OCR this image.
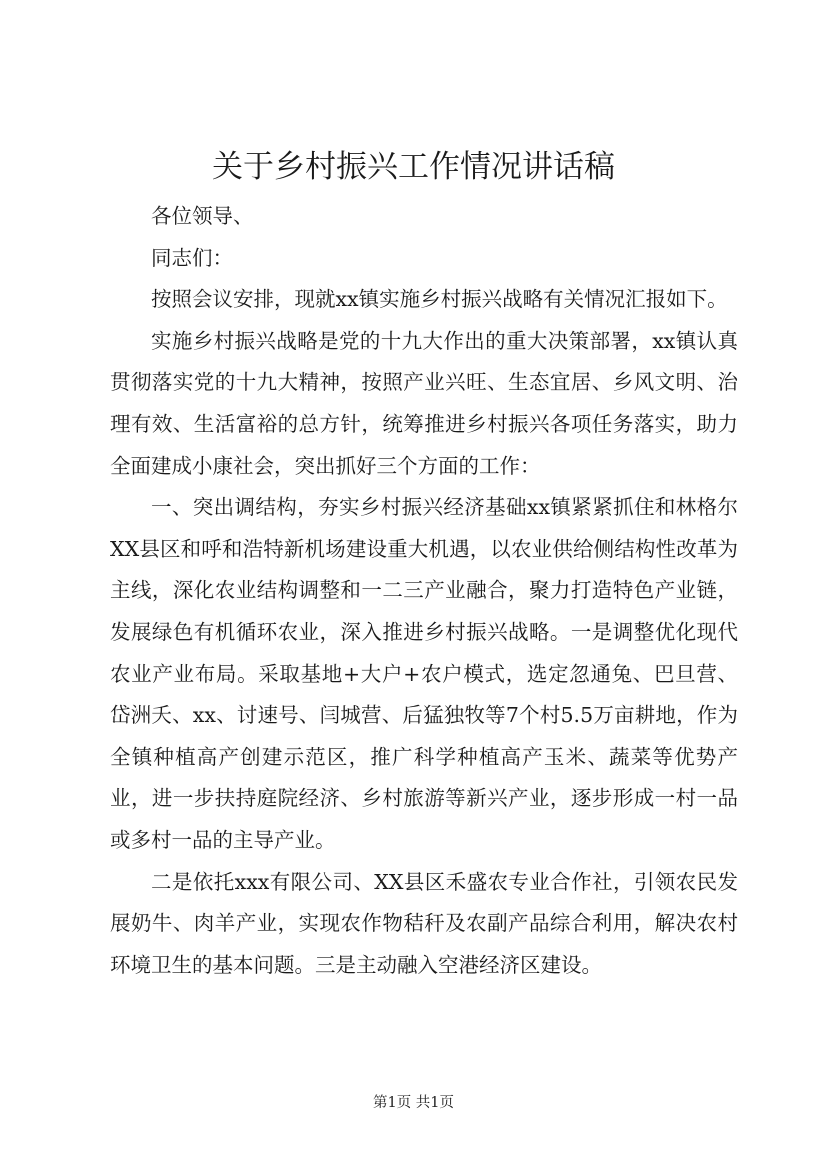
关于乡村振兴工作情况讲话稿

各位领导、

同志们：

按照会议安排，现就xx镇实施乡村振兴战略有关情况汇报如下。

实施乡村振兴战略是党的十九大作出的重大决策部署，xx镇认真贯彻落实党的十九大精神，按照产业兴旺、生态宜居、乡风文明、治理有效、生活富裕的总方针，统筹推进乡村振兴各项任务落实，助力全面建成小康社会，突出抓好三个方面的工作：

一、突出调结构，夯实乡村振兴经济基础xx镇紧紧抓住和林格尔XX县区和呼和浩特新机场建设重大机遇，以农业供给侧结构性改革为主线，深化农业结构调整和一二三产业融合，聚力打造特色产业链，发展绿色有机循环农业，深入推进乡村振兴战略。一是调整优化现代农业产业布局。采取基地+大户+农户模式，选定忽通兔、巴旦营、岱洲夭、xx、讨速号、闫城营、后猛独牧等7个村5.5万亩耕地，作为全镇种植高产创建示范区，推广科学种植高产玉米、蔬菜等优势产业，进一步扶持庭院经济、乡村旅游等新兴产业，逐步形成一村一品或多村一品的主导产业。

二是依托xxx有限公司、XX县区禾盛农专业合作社，引领农民发展奶牛、肉羊产业，实现农作物秸秆及农副产品综合利用，解决农村环境卫生的基本问题。三是主动融入空港经济区建设。

第1页 共1页
